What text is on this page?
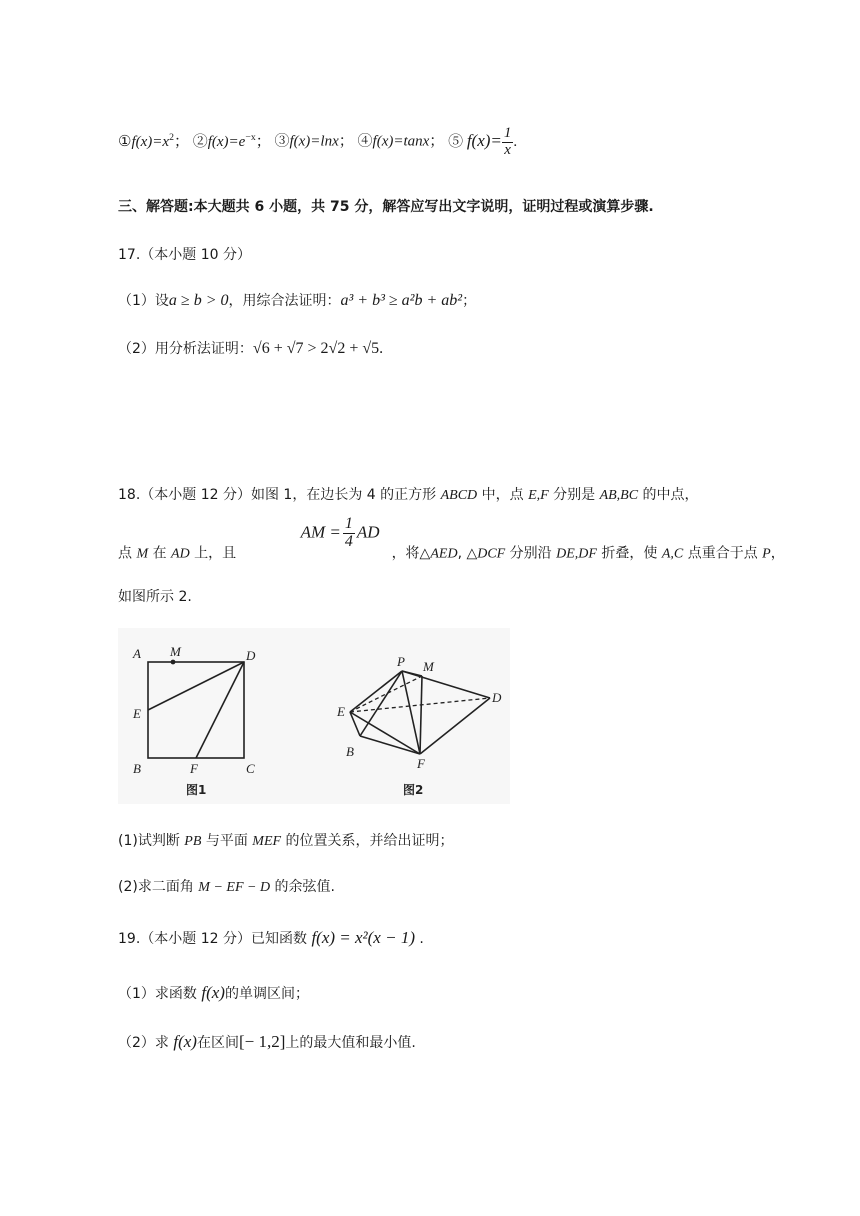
$①f(x)=x^2$； $②f(x)=e^{-x}$； ③f(x)=lnx； ④f(x)=tanx； ⑤ $f(x)= \frac{1}{x}$ .
三、解答题:本大题共 6 小题，共 75 分，解答应写出文字说明，证明过程或演算步骤.
17.（本小题 10 分）
（1）设a ≥ b > 0，用综合法证明：a³ + b³ ≥ a²b + ab²；
（2）用分析法证明：√6 + √7 > 2√2 + √5.
18.（本小题 12 分）如图 1，在边长为 4 的正方形 ABCD 中，点 E,F 分别是 AB,BC 的中点，
点 M 在 AD 上，且 AM = $\frac{1}{4}$ AD，将△AED, △DCF 分别沿 DE,DF 折叠，使 A,C 点重合于点 P，
如图所示 2.
A M	D
E
B	F	C
图1
P M
D
E
B
F
图2
(1)试判断 PB 与平面 MEF 的位置关系，并给出证明；
(2)求二面角 M − EF − D 的余弦值.
19.（本小题 12 分）已知函数 f(x) = x²(x − 1) .
（1）求函数 f(x)的单调区间；
（2）求 f(x)在区间[− 1,2]上的最大值和最小值.
